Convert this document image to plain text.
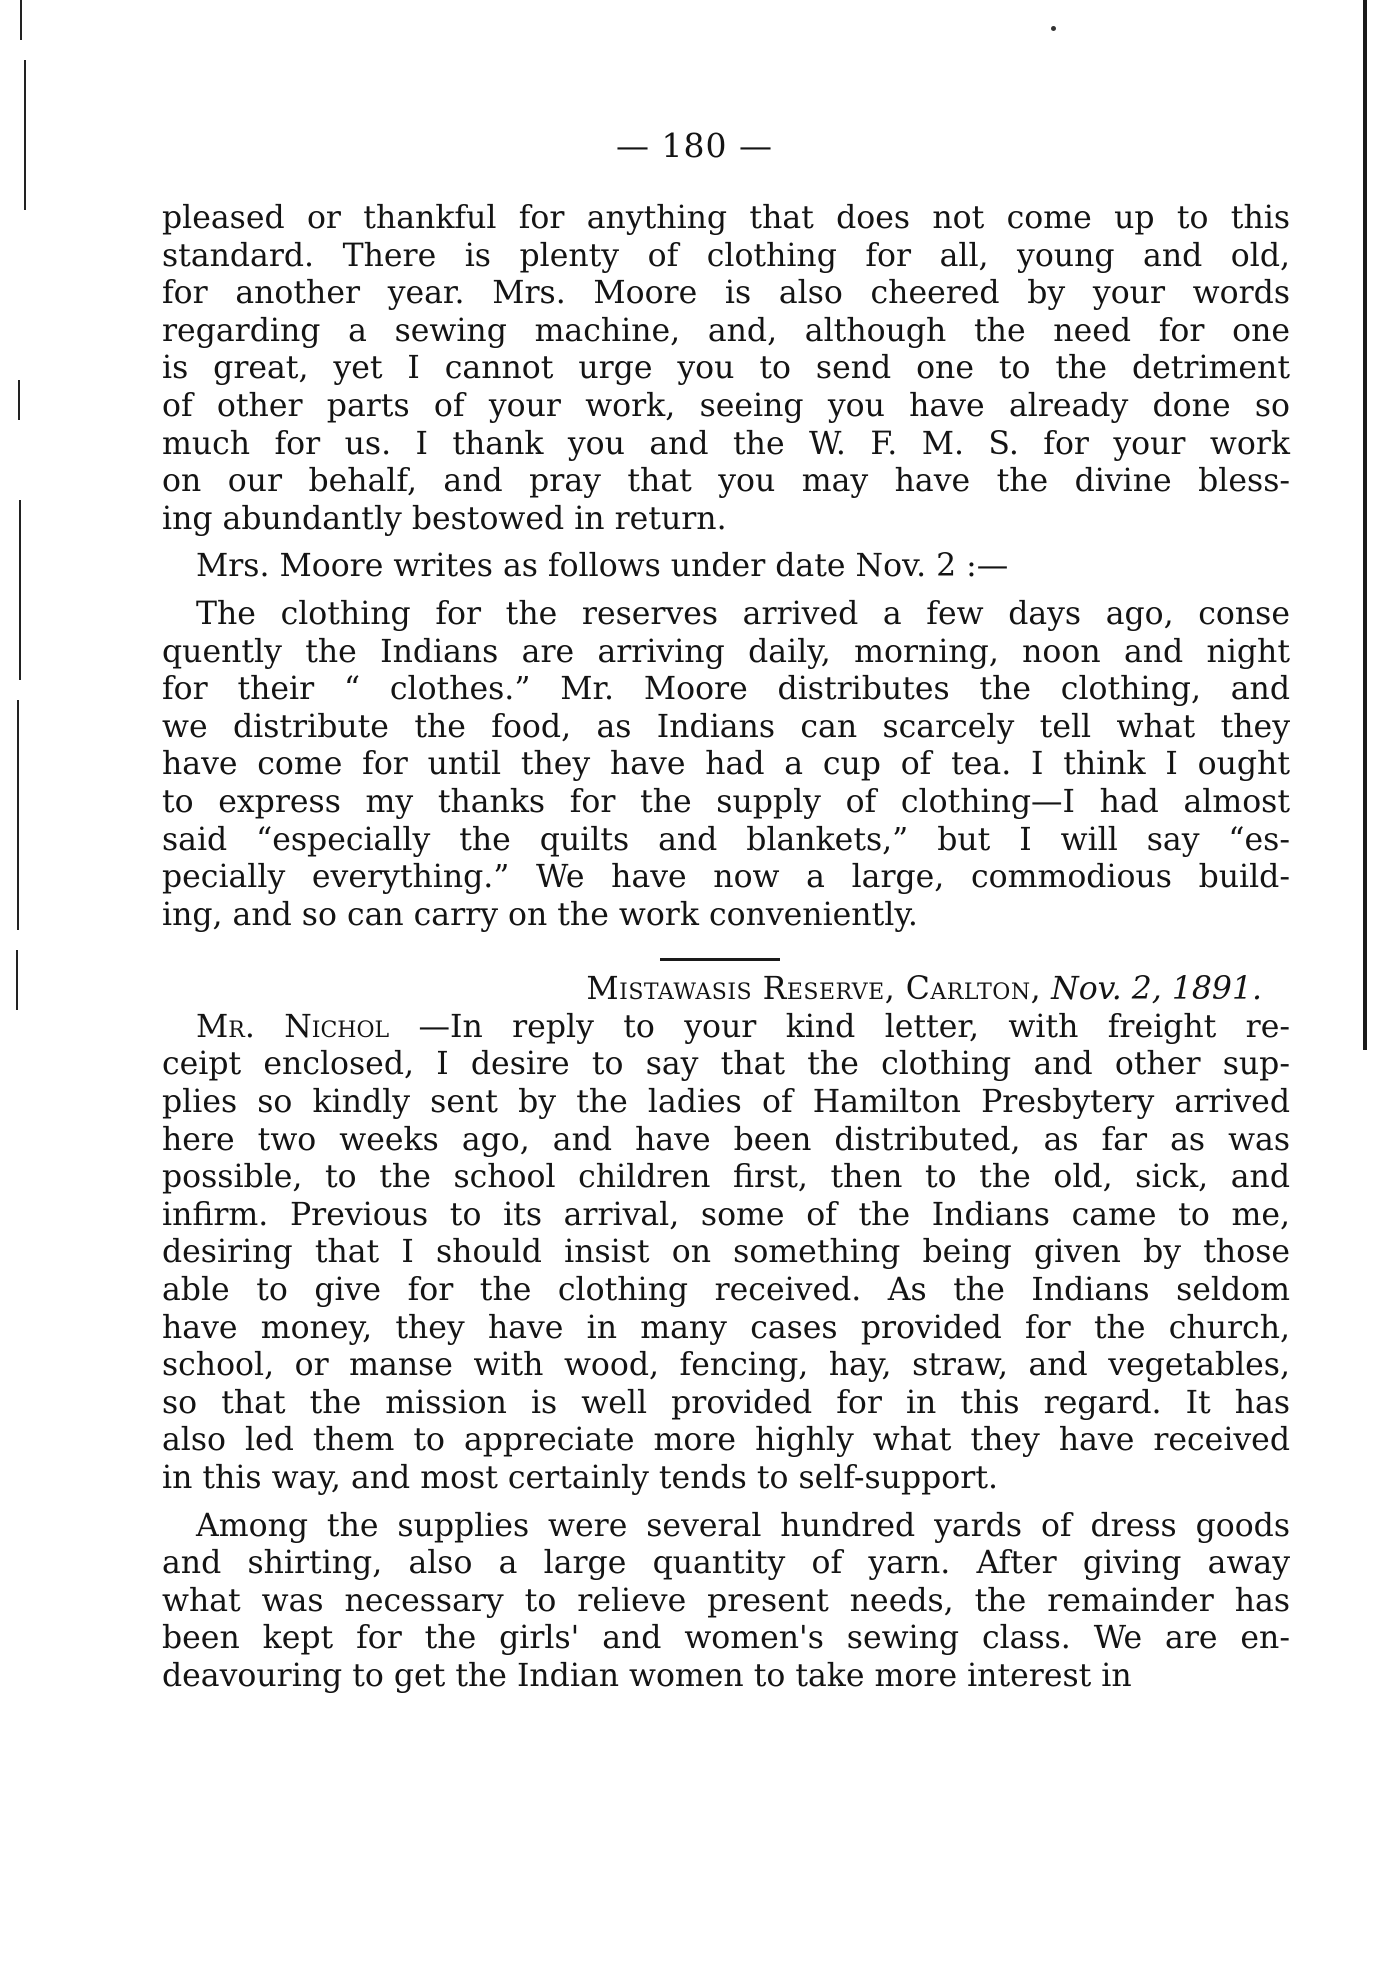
— 180 —
pleased or thankful for anything that does not come up to this
standard. There is plenty of clothing for all, young and old,
for another year. Mrs. Moore is also cheered by your words
regarding a sewing machine, and, although the need for one
is great, yet I cannot urge you to send one to the detriment
of other parts of your work, seeing you have already done so
much for us. I thank you and the W. F. M. S. for your work
on our behalf, and pray that you may have the divine bless-
ing abundantly bestowed in return.
Mrs. Moore writes as follows under date Nov. 2 :—
The clothing for the reserves arrived a few days ago, conse
quently the Indians are arriving daily, morning, noon and night
for their “ clothes.” Mr. Moore distributes the clothing, and
we distribute the food, as Indians can scarcely tell what they
have come for until they have had a cup of tea. I think I ought
to express my thanks for the supply of clothing—I had almost
said “especially the quilts and blankets,” but I will say “es-
pecially everything.” We have now a large, commodious build-
ing, and so can carry on the work conveniently.
Mistawasis Reserve, Carlton, Nov. 2, 1891.
Mr. Nichol —In reply to your kind letter, with freight re-
ceipt enclosed, I desire to say that the clothing and other sup-
plies so kindly sent by the ladies of Hamilton Presbytery arrived
here two weeks ago, and have been distributed, as far as was
possible, to the school children first, then to the old, sick, and
infirm. Previous to its arrival, some of the Indians came to me,
desiring that I should insist on something being given by those
able to give for the clothing received. As the Indians seldom
have money, they have in many cases provided for the church,
school, or manse with wood, fencing, hay, straw, and vegetables,
so that the mission is well provided for in this regard. It has
also led them to appreciate more highly what they have received
in this way, and most certainly tends to self-support.
Among the supplies were several hundred yards of dress goods
and shirting, also a large quantity of yarn. After giving away
what was necessary to relieve present needs, the remainder has
been kept for the girls' and women's sewing class. We are en-
deavouring to get the Indian women to take more interest in
